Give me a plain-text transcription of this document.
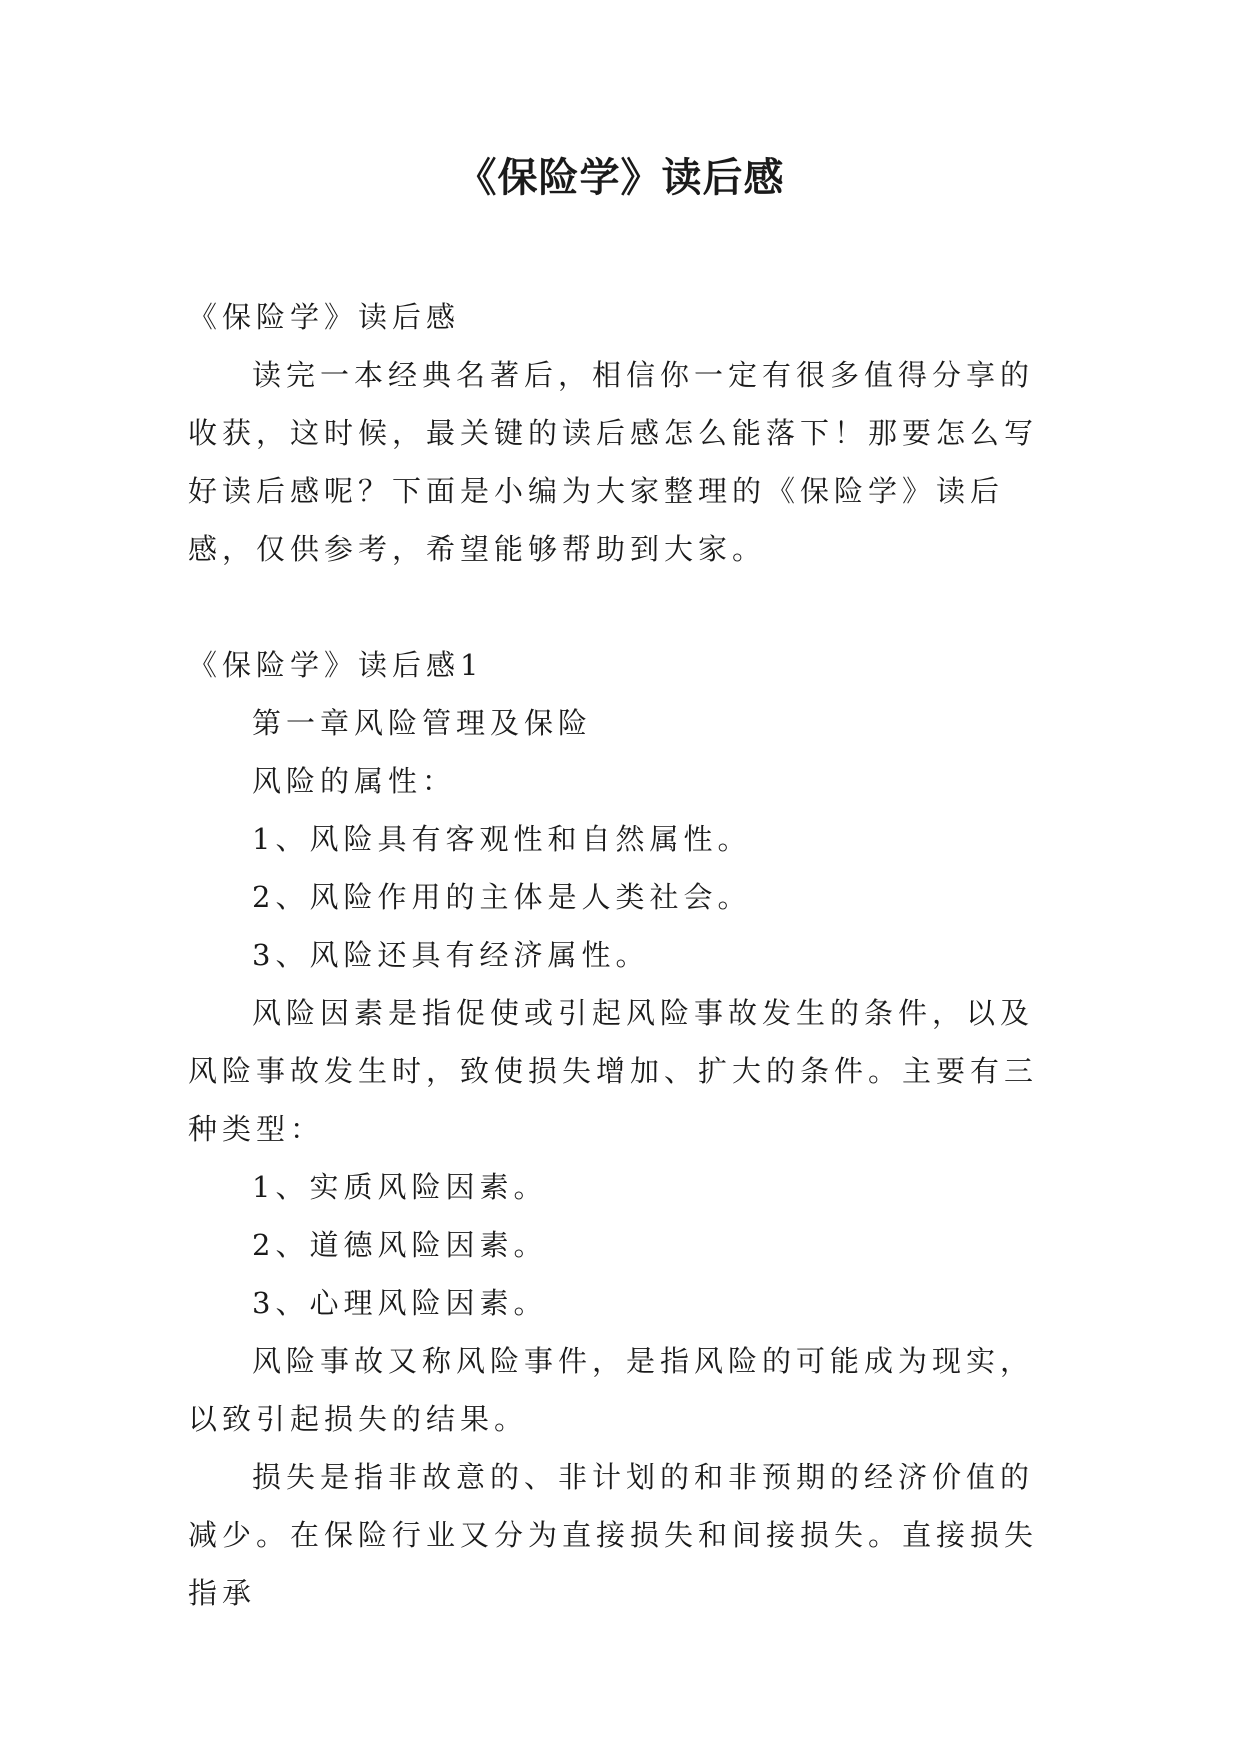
《保险学》读后感

《保险学》读后感

读完一本经典名著后，相信你一定有很多值得分享的收获，这时候，最关键的读后感怎么能落下！那要怎么写好读后感呢？下面是小编为大家整理的《保险学》读后感，仅供参考，希望能够帮助到大家。

《保险学》读后感1

第一章风险管理及保险

风险的属性：

1、风险具有客观性和自然属性。

2、风险作用的主体是人类社会。

3、风险还具有经济属性。

风险因素是指促使或引起风险事故发生的条件，以及风险事故发生时，致使损失增加、扩大的条件。主要有三种类型：

1、实质风险因素。

2、道德风险因素。

3、心理风险因素。

风险事故又称风险事件，是指风险的可能成为现实，以致引起损失的结果。

损失是指非故意的、非计划的和非预期的经济价值的减少。在保险行业又分为直接损失和间接损失。直接损失指承
